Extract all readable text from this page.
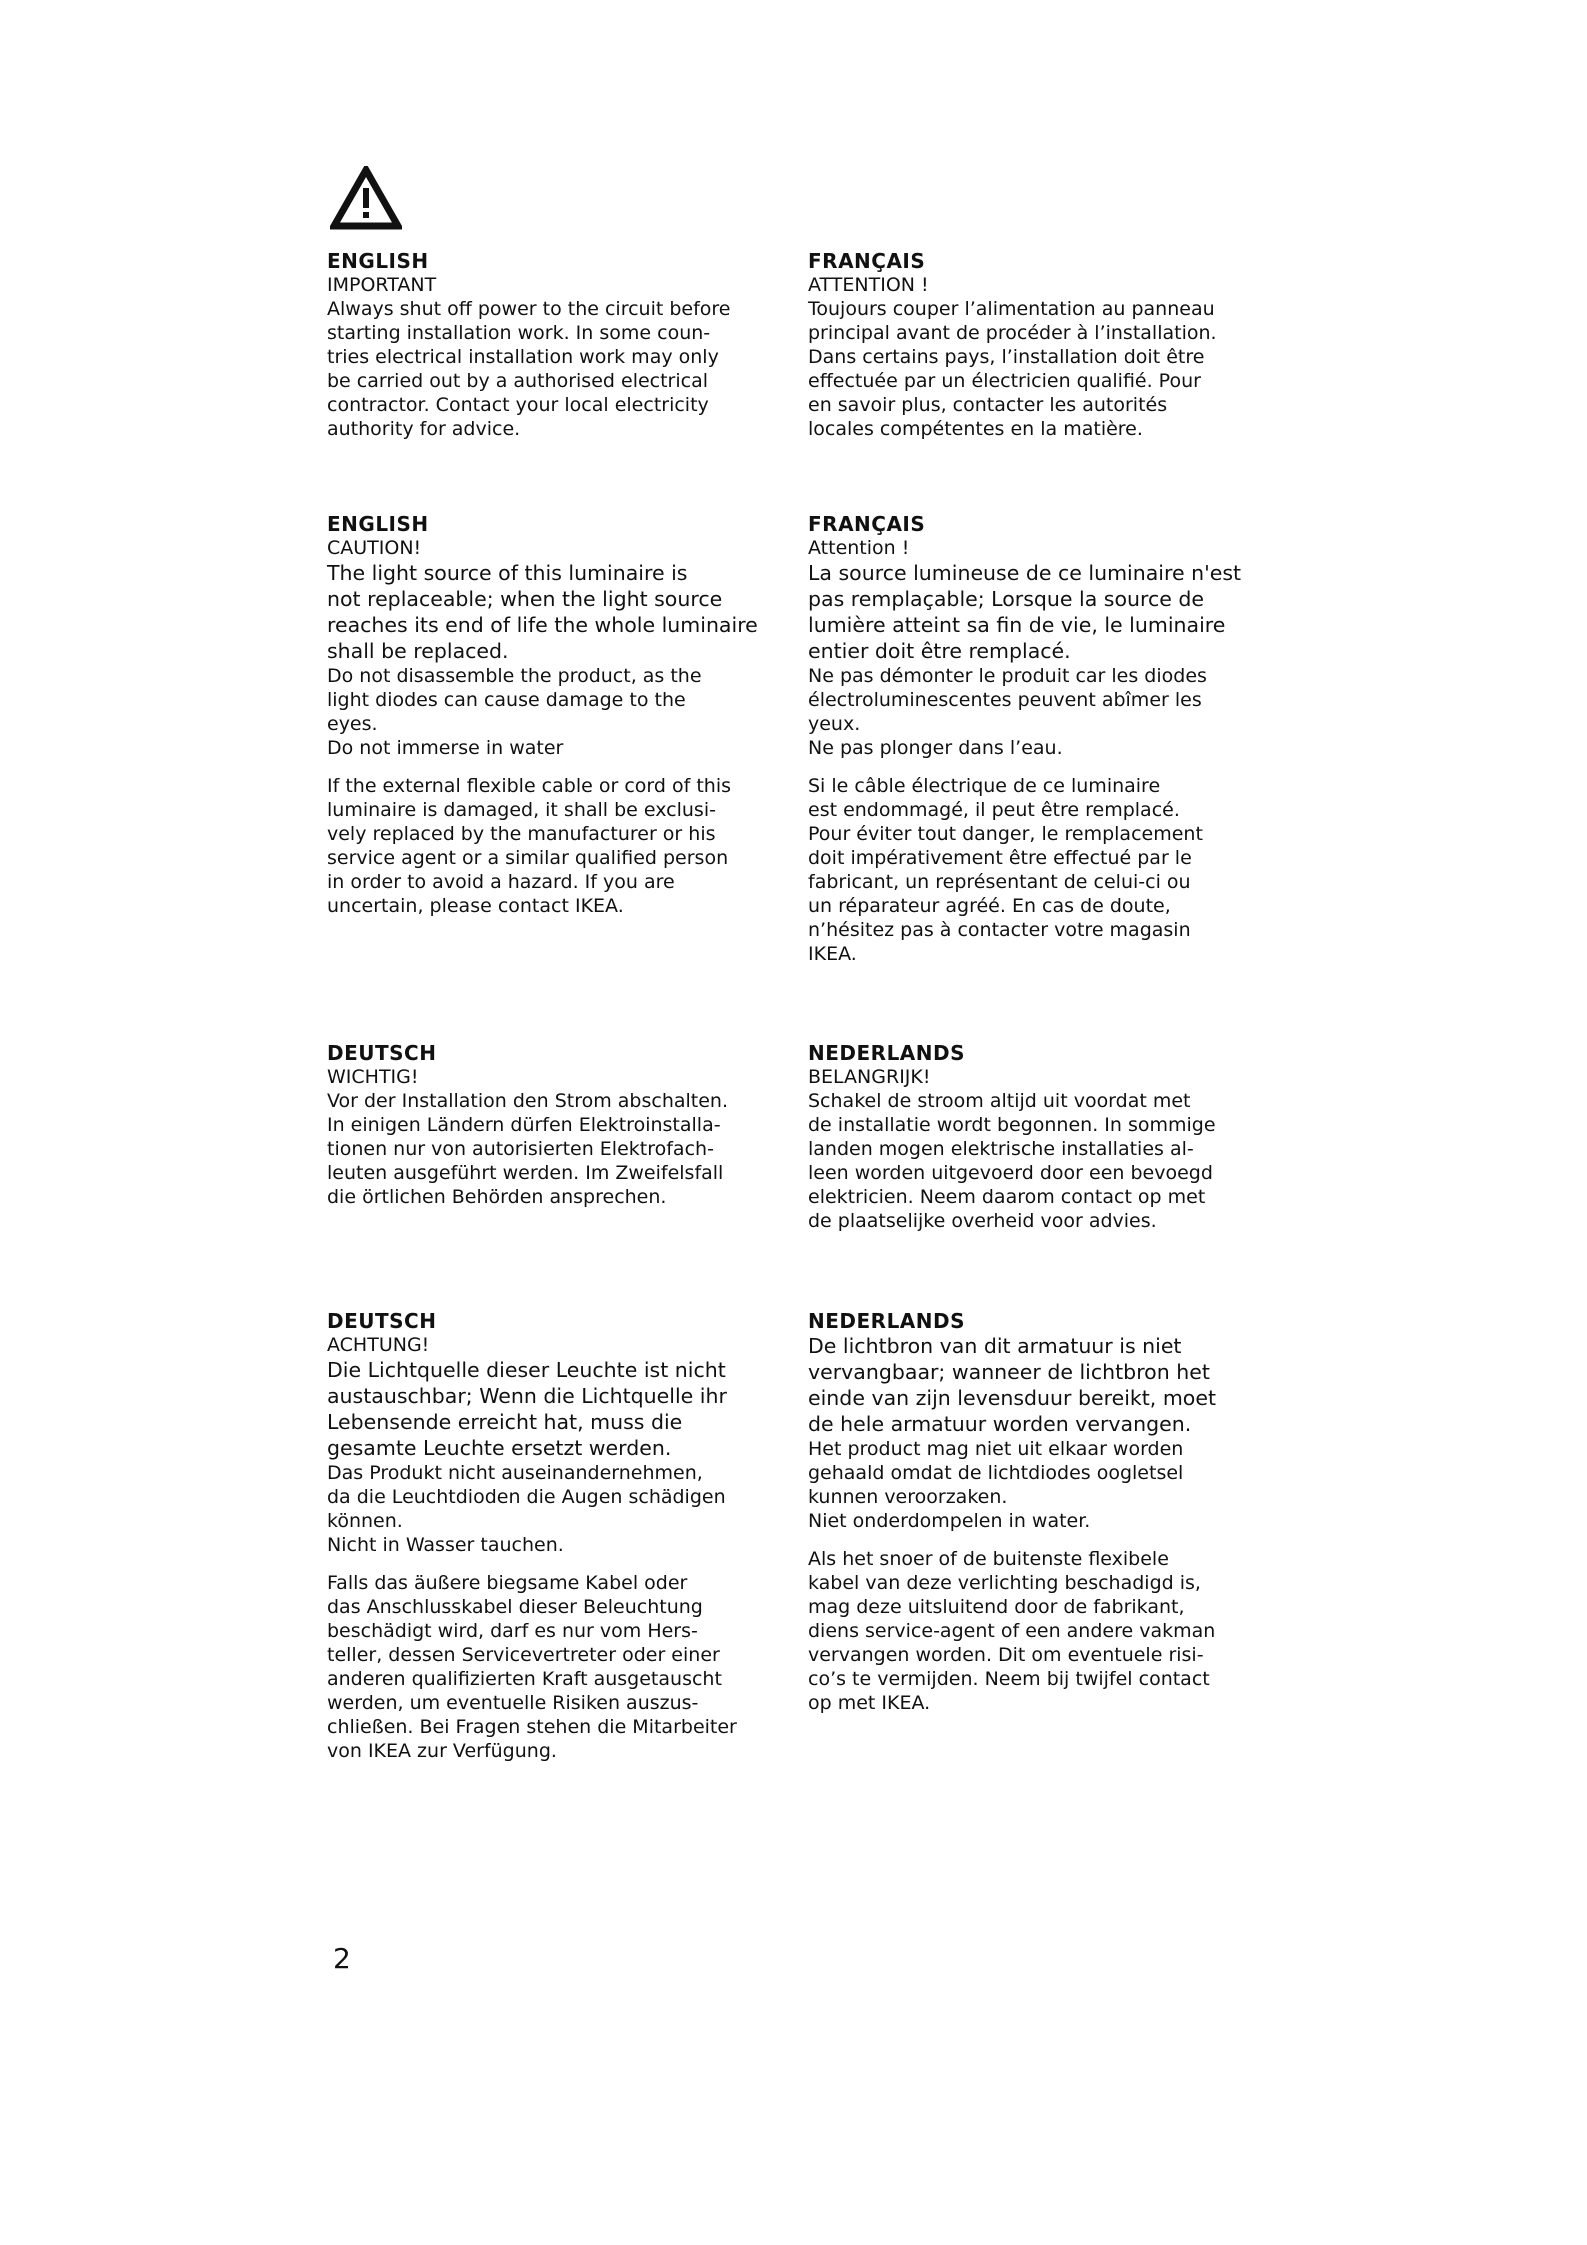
ENGLISH

IMPORTANT

Always shut off power to the circuit before
starting installation work. In some coun-
tries electrical installation work may only
be carried out by a authorised electrical
contractor. Contact your local electricity
authority for advice.

FRANÇAIS

ATTENTION !

Toujours couper l’alimentation au panneau
principal avant de procéder à l’installation.
Dans certains pays, l’installation doit être
effectuée par un électricien qualifié. Pour
en savoir plus, contacter les autorités
locales compétentes en la matière.

ENGLISH

CAUTION!

The light source of this luminaire is
not replaceable; when the light source
reaches its end of life the whole luminaire
shall be replaced.

Do not disassemble the product, as the
light diodes can cause damage to the
eyes.
Do not immerse in water

If the external flexible cable or cord of this
luminaire is damaged, it shall be exclusi-
vely replaced by the manufacturer or his
service agent or a similar qualified person
in order to avoid a hazard. If you are
uncertain, please contact IKEA.

FRANÇAIS

Attention !

La source lumineuse de ce luminaire n'est
pas remplaçable; Lorsque la source de
lumière atteint sa fin de vie, le luminaire
entier doit être remplacé.

Ne pas démonter le produit car les diodes
électroluminescentes peuvent abîmer les
yeux.
Ne pas plonger dans l’eau.

Si le câble électrique de ce luminaire
est endommagé, il peut être remplacé.
Pour éviter tout danger, le remplacement
doit impérativement être effectué par le
fabricant, un représentant de celui-ci ou
un réparateur agréé. En cas de doute,
n’hésitez pas à contacter votre magasin
IKEA.

DEUTSCH

WICHTIG!

Vor der Installation den Strom abschalten.
In einigen Ländern dürfen Elektroinstalla-
tionen nur von autorisierten Elektrofach-
leuten ausgeführt werden. Im Zweifelsfall
die örtlichen Behörden ansprechen.

NEDERLANDS

BELANGRIJK!

Schakel de stroom altijd uit voordat met
de installatie wordt begonnen. In sommige
landen mogen elektrische installaties al-
leen worden uitgevoerd door een bevoegd
elektricien. Neem daarom contact op met
de plaatselijke overheid voor advies.

DEUTSCH

ACHTUNG!

Die Lichtquelle dieser Leuchte ist nicht
austauschbar; Wenn die Lichtquelle ihr
Lebensende erreicht hat, muss die
gesamte Leuchte ersetzt werden.

Das Produkt nicht auseinandernehmen,
da die Leuchtdioden die Augen schädigen
können.
Nicht in Wasser tauchen.

Falls das äußere biegsame Kabel oder
das Anschlusskabel dieser Beleuchtung
beschädigt wird, darf es nur vom Hers-
teller, dessen Servicevertreter oder einer
anderen qualifizierten Kraft ausgetauscht
werden, um eventuelle Risiken auszus-
chließen. Bei Fragen stehen die Mitarbeiter
von IKEA zur Verfügung.

NEDERLANDS

De lichtbron van dit armatuur is niet
vervangbaar; wanneer de lichtbron het
einde van zijn levensduur bereikt, moet
de hele armatuur worden vervangen.

Het product mag niet uit elkaar worden
gehaald omdat de lichtdiodes oogletsel
kunnen veroorzaken.
Niet onderdompelen in water.

Als het snoer of de buitenste flexibele
kabel van deze verlichting beschadigd is,
mag deze uitsluitend door de fabrikant,
diens service-agent of een andere vakman
vervangen worden. Dit om eventuele risi-
co’s te vermijden. Neem bij twijfel contact
op met IKEA.

2
